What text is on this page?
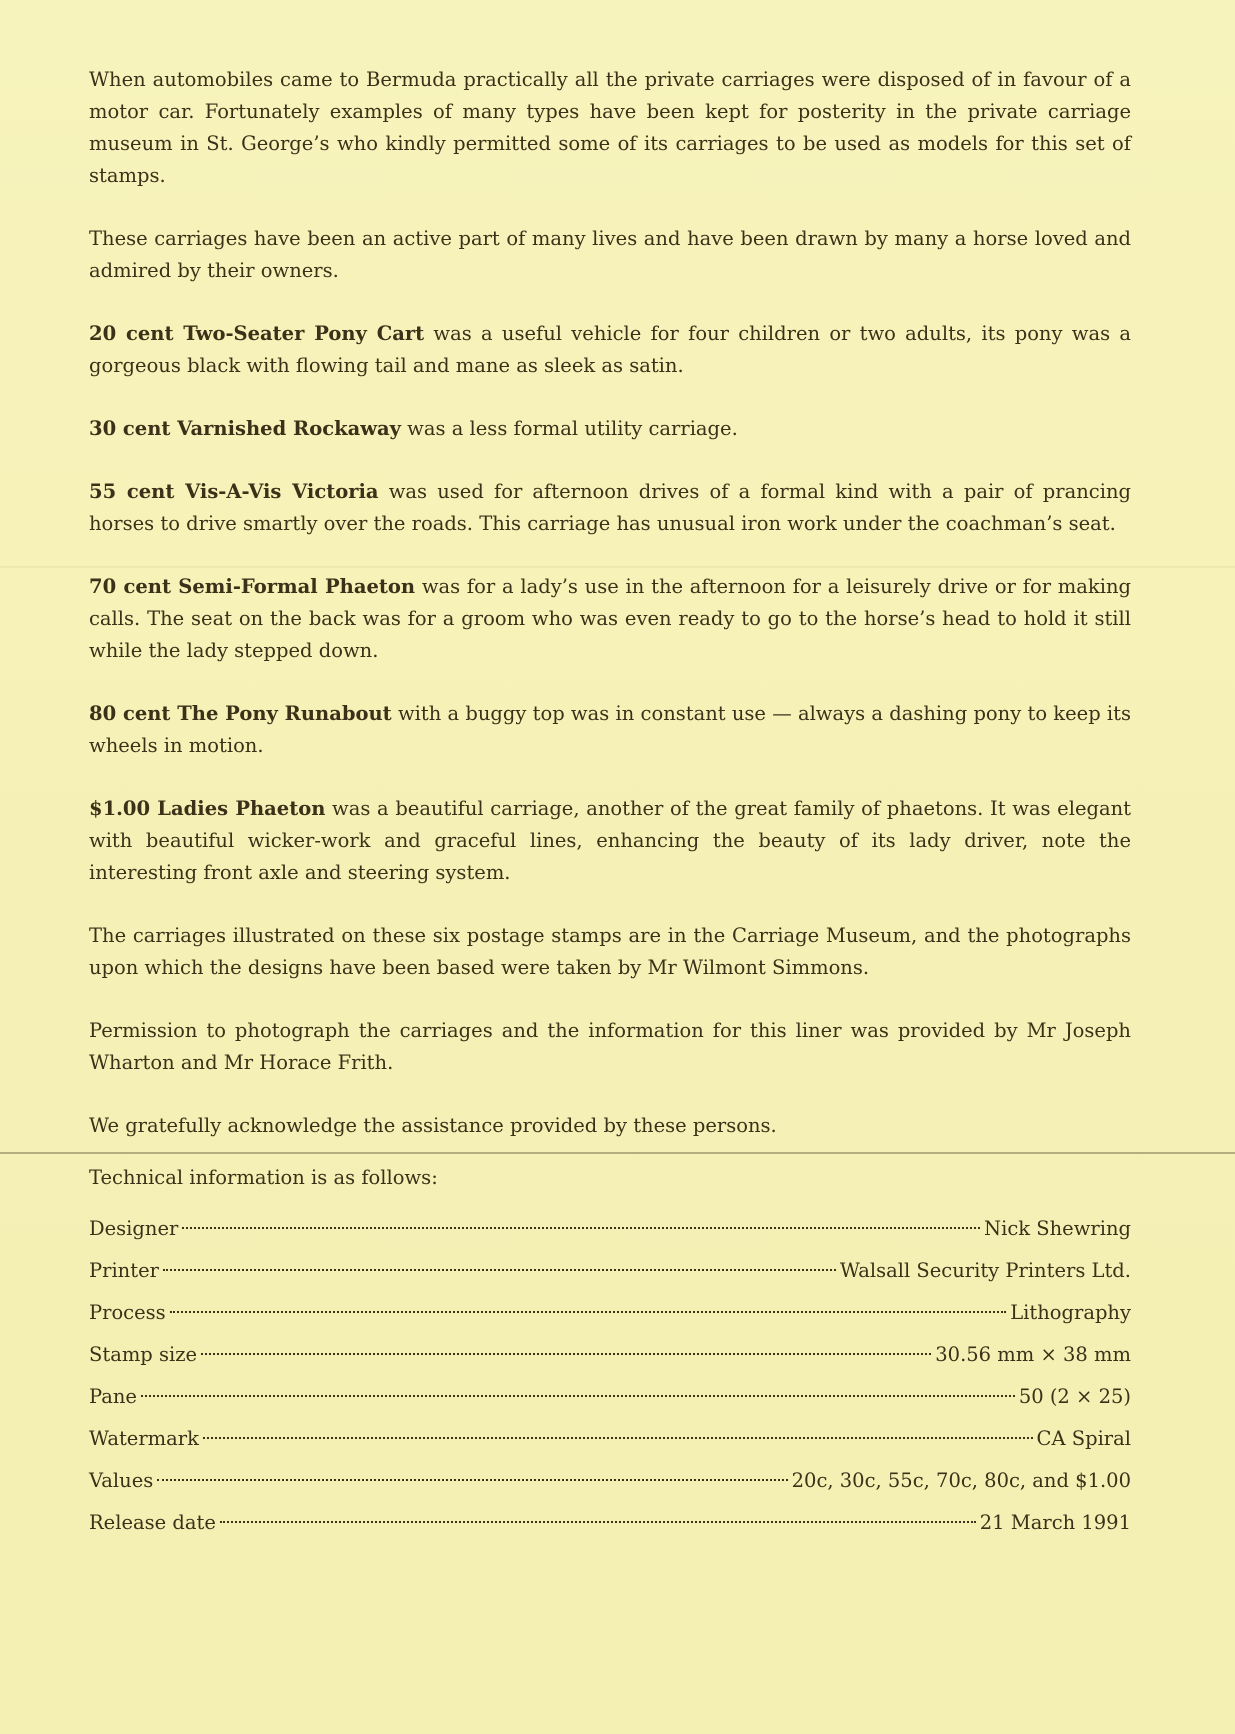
When automobiles came to Bermuda practically all the private carriages were disposed of in favour of a motor car. Fortunately examples of many types have been kept for posterity in the private carriage museum in St. George’s who kindly permitted some of its carriages to be used as models for this set of stamps.

These carriages have been an active part of many lives and have been drawn by many a horse loved and admired by their owners.

20 cent Two-Seater Pony Cart was a useful vehicle for four children or two adults, its pony was a gorgeous black with flowing tail and mane as sleek as satin.

30 cent Varnished Rockaway was a less formal utility carriage.

55 cent Vis-A-Vis Victoria was used for afternoon drives of a formal kind with a pair of prancing horses to drive smartly over the roads. This carriage has unusual iron work under the coachman’s seat.

70 cent Semi-Formal Phaeton was for a lady’s use in the afternoon for a leisurely drive or for making calls. The seat on the back was for a groom who was even ready to go to the horse’s head to hold it still while the lady stepped down.

80 cent The Pony Runabout with a buggy top was in constant use — always a dashing pony to keep its wheels in motion.

$1.00 Ladies Phaeton was a beautiful carriage, another of the great family of phaetons. It was elegant with beautiful wicker-work and graceful lines, enhancing the beauty of its lady driver, note the interesting front axle and steering system.

The carriages illustrated on these six postage stamps are in the Carriage Museum, and the photographs upon which the designs have been based were taken by Mr Wilmont Simmons.

Permission to photograph the carriages and the information for this liner was provided by Mr Joseph Wharton and Mr Horace Frith.

We gratefully acknowledge the assistance provided by these persons.

Technical information is as follows:

Designer	Nick Shewring
Printer	Walsall Security Printers Ltd.
Process	Lithography
Stamp size	30.56 mm × 38 mm
Pane	50 (2 × 25)
Watermark	CA Spiral
Values	20c, 30c, 55c, 70c, 80c, and $1.00
Release date	21 March 1991
